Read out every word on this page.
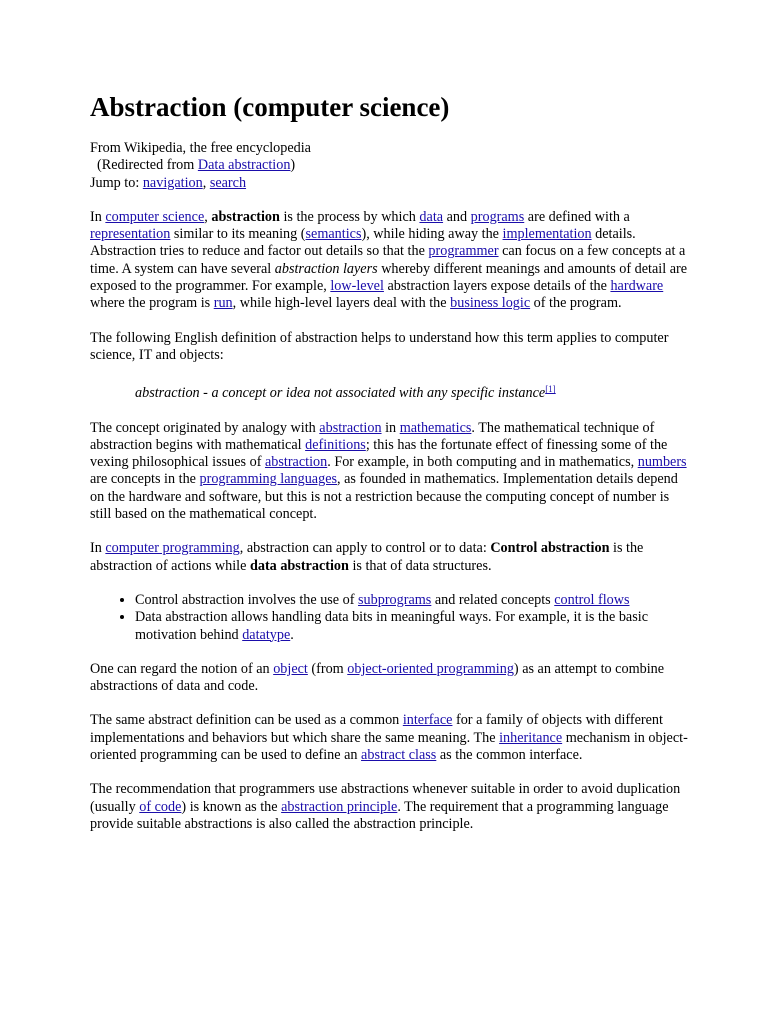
Abstraction (computer science)
From Wikipedia, the free encyclopedia
(Redirected from Data abstraction)
Jump to: navigation, search

In computer science, abstraction is the process by which data and programs are defined with a representation similar to its meaning (semantics), while hiding away the implementation details. Abstraction tries to reduce and factor out details so that the programmer can focus on a few concepts at a time. A system can have several abstraction layers whereby different meanings and amounts of detail are exposed to the programmer. For example, low-level abstraction layers expose details of the hardware where the program is run, while high-level layers deal with the business logic of the program.

The following English definition of abstraction helps to understand how this term applies to computer science, IT and objects:

abstraction - a concept or idea not associated with any specific instance[1]

The concept originated by analogy with abstraction in mathematics. The mathematical technique of abstraction begins with mathematical definitions; this has the fortunate effect of finessing some of the vexing philosophical issues of abstraction. For example, in both computing and in mathematics, numbers are concepts in the programming languages, as founded in mathematics. Implementation details depend on the hardware and software, but this is not a restriction because the computing concept of number is still based on the mathematical concept.

In computer programming, abstraction can apply to control or to data: Control abstraction is the abstraction of actions while data abstraction is that of data structures.

• Control abstraction involves the use of subprograms and related concepts control flows
• Data abstraction allows handling data bits in meaningful ways. For example, it is the basic motivation behind datatype.

One can regard the notion of an object (from object-oriented programming) as an attempt to combine abstractions of data and code.

The same abstract definition can be used as a common interface for a family of objects with different implementations and behaviors but which share the same meaning. The inheritance mechanism in object-oriented programming can be used to define an abstract class as the common interface.

The recommendation that programmers use abstractions whenever suitable in order to avoid duplication (usually of code) is known as the abstraction principle. The requirement that a programming language provide suitable abstractions is also called the abstraction principle.
